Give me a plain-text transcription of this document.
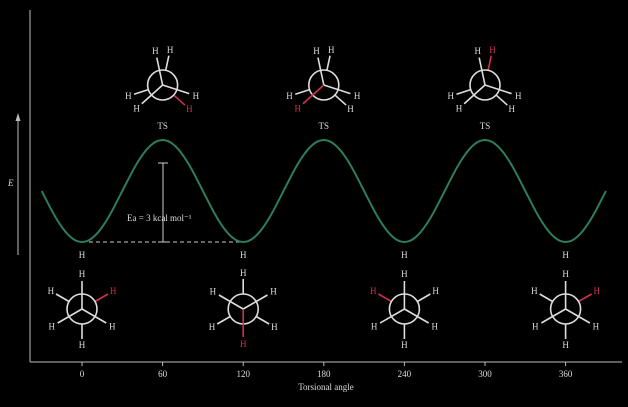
E
Torsional angle
Ea = 3 kcal mol⁻¹
0	60	120	180	240	300	360
H
H
H
H
H
H
H
H
H
H
H
H	H
H
H
H
H
H
H
H
H
H
H
H
H
H
H
H
H
H
H
H
H
H
H
H
H
H
H
H
H
H
TS	TS	TS
H	H	H	H
